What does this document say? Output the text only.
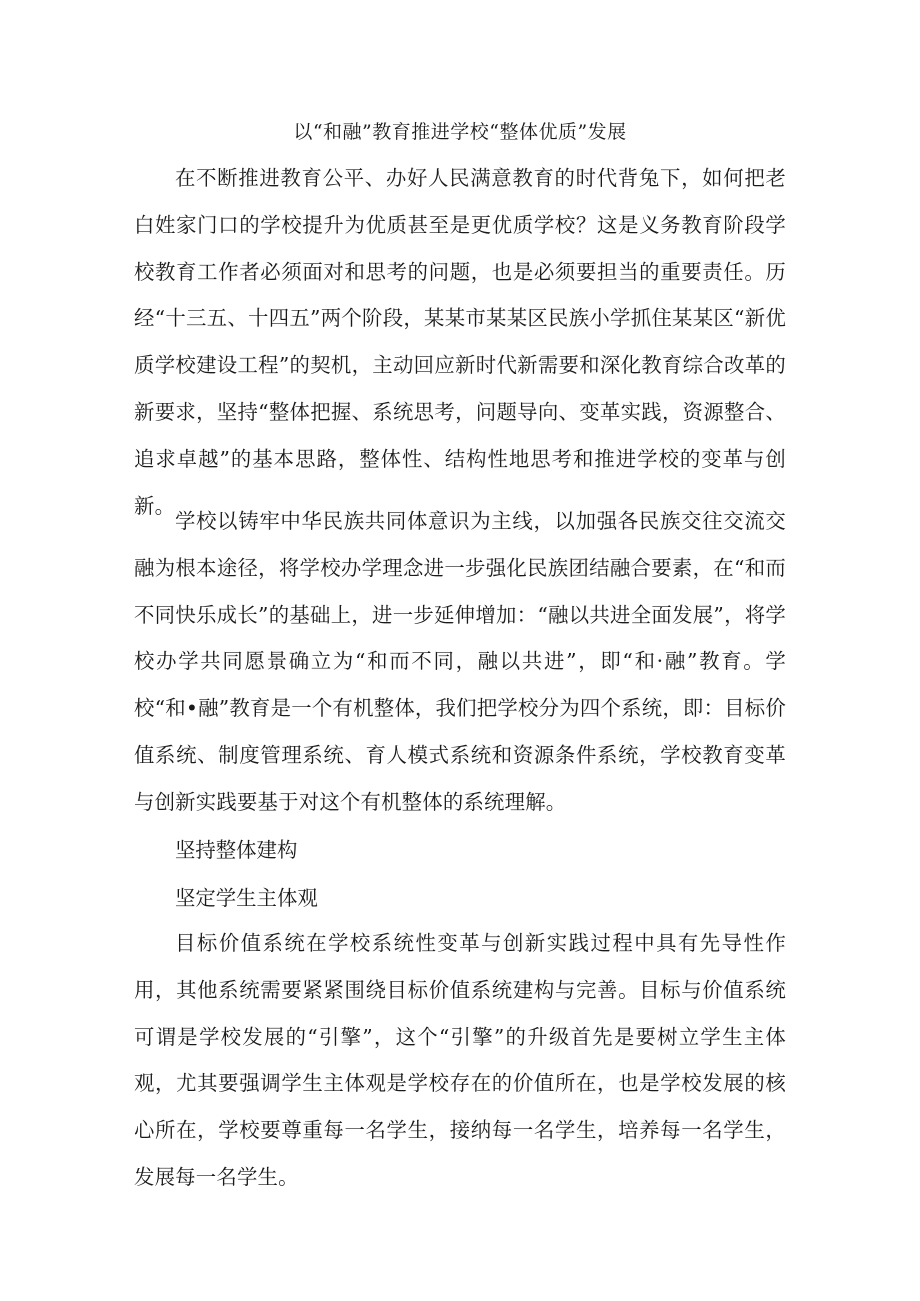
以“和融”教育推进学校“整体优质”发展
在不断推进教育公平、办好人民满意教育的时代背兔下，如何把老白姓家门口的学校提升为优质甚至是更优质学校？这是义务教育阶段学校教育工作者必须面对和思考的问题，也是必须要担当的重要责任。历经“十三五、十四五”两个阶段，某某市某某区民族小学抓住某某区“新优质学校建设工程”的契机，主动回应新时代新需要和深化教育综合改革的新要求，坚持“整体把握、系统思考，问题导向、变革实践，资源整合、追求卓越”的基本思路，整体性、结构性地思考和推进学校的变革与创新。
学校以铸牢中华民族共同体意识为主线，以加强各民族交往交流交融为根本途径，将学校办学理念进一步强化民族团结融合要素，在“和而不同快乐成长”的基础上，进一步延伸增加：“融以共进全面发展”，将学校办学共同愿景确立为“和而不同，融以共进”，即“和·融”教育。学校“和•融”教育是一个有机整体，我们把学校分为四个系统，即：目标价值系统、制度管理系统、育人模式系统和资源条件系统，学校教育变革与创新实践要基于对这个有机整体的系统理解。
坚持整体建构
坚定学生主体观
目标价值系统在学校系统性变革与创新实践过程中具有先导性作用，其他系统需要紧紧围绕目标价值系统建构与完善。目标与价值系统可谓是学校发展的“引擎”，这个“引擎”的升级首先是要树立学生主体观，尤其要强调学生主体观是学校存在的价值所在，也是学校发展的核心所在，学校要尊重每一名学生，接纳每一名学生，培养每一名学生，发展每一名学生。
